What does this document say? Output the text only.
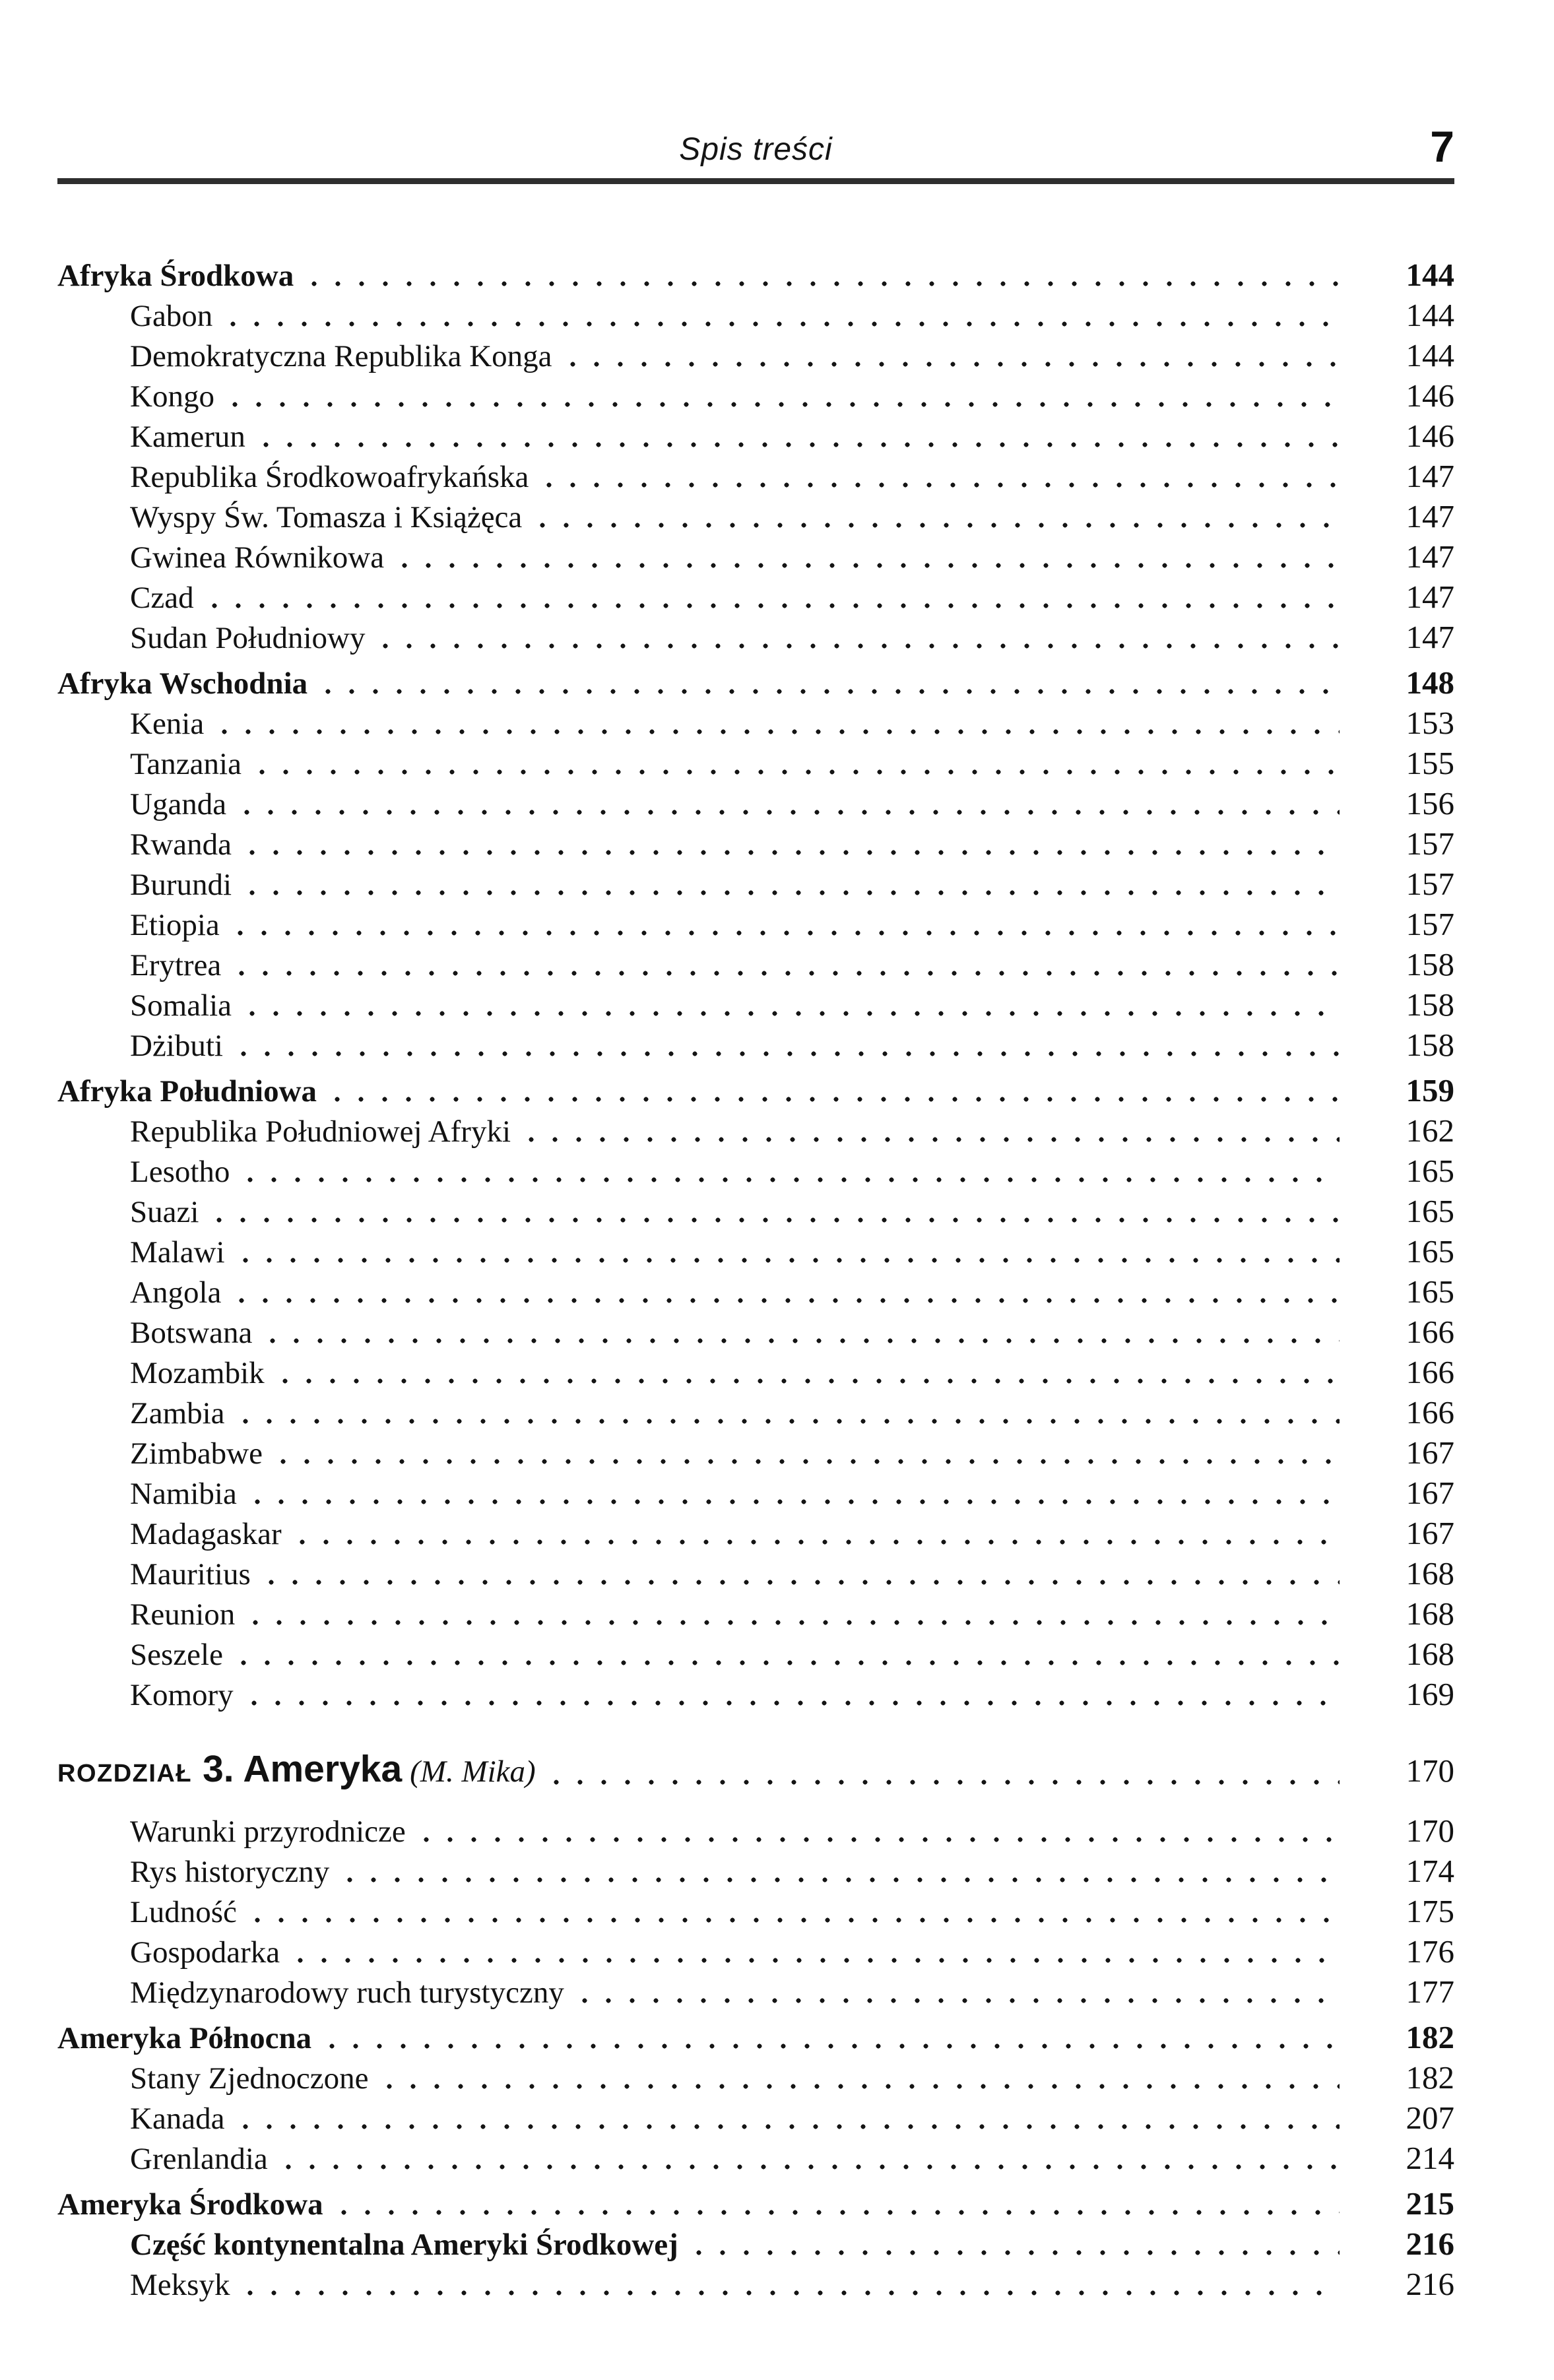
Spis treści	7
Afryka Środkowa	144
Gabon	144
Demokratyczna Republika Konga	144
Kongo	146
Kamerun	146
Republika Środkowoafrykańska	147
Wyspy Św. Tomasza i Książęca	147
Gwinea Równikowa	147
Czad	147
Sudan Południowy	147
Afryka Wschodnia	148
Kenia	153
Tanzania	155
Uganda	156
Rwanda	157
Burundi	157
Etiopia	157
Erytrea	158
Somalia	158
Dżibuti	158
Afryka Południowa	159
Republika Południowej Afryki	162
Lesotho	165
Suazi	165
Malawi	165
Angola	165
Botswana	166
Mozambik	166
Zambia	166
Zimbabwe	167
Namibia	167
Madagaskar	167
Mauritius	168
Reunion	168
Seszele	168
Komory	169
ROZDZIAŁ 3. Ameryka (M. Mika)	170
Warunki przyrodnicze	170
Rys historyczny	174
Ludność	175
Gospodarka	176
Międzynarodowy ruch turystyczny	177
Ameryka Północna	182
Stany Zjednoczone	182
Kanada	207
Grenlandia	214
Ameryka Środkowa	215
Część kontynentalna Ameryki Środkowej	216
Meksyk	216
